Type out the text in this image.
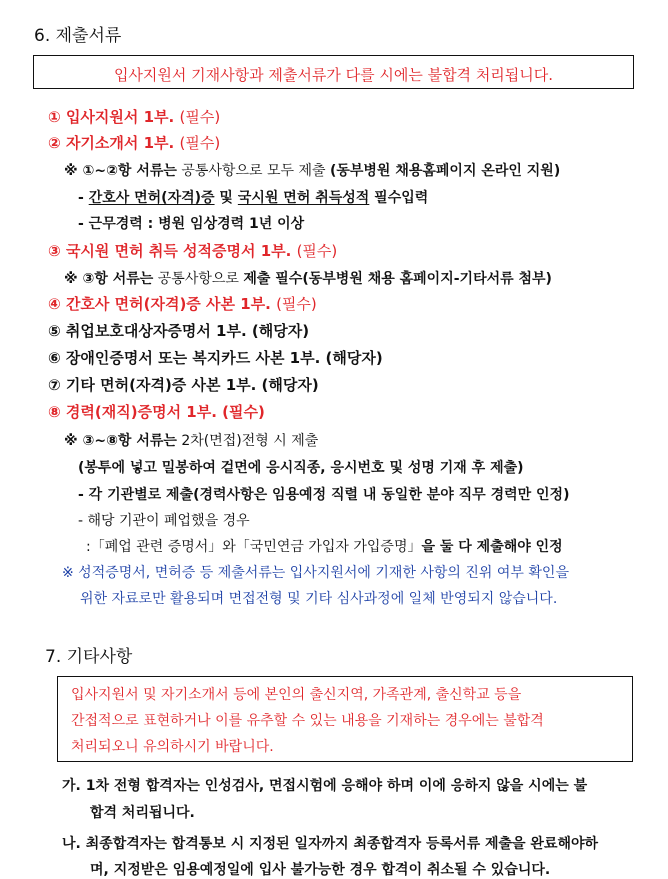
6. 제출서류
입사지원서 기재사항과 제출서류가 다를 시에는 불합격 처리됩니다.
① 입사지원서 1부. (필수)
② 자기소개서 1부. (필수)
※ ①~②항 서류는 공통사항으로 모두 제출 (동부병원 채용홈페이지 온라인 지원)
- 간호사 면허(자격)증 및 국시원 면허 취득성적 필수입력
- 근무경력 : 병원 임상경력 1년 이상
③ 국시원 면허 취득 성적증명서 1부. (필수)
※ ③항 서류는 공통사항으로 제출 필수(동부병원 채용 홈페이지-기타서류 첨부)
④ 간호사 면허(자격)증 사본 1부. (필수)
⑤ 취업보호대상자증명서 1부. (해당자)
⑥ 장애인증명서 또는 복지카드 사본 1부. (해당자)
⑦ 기타 면허(자격)증 사본 1부. (해당자)
⑧ 경력(재직)증명서 1부. (필수)
※ ③~⑧항 서류는 2차(면접)전형 시 제출
(봉투에 넣고 밀봉하여 겉면에 응시직종, 응시번호 및 성명 기재 후 제출)
- 각 기관별로 제출(경력사항은 임용예정 직렬 내 동일한 분야 직무 경력만 인정)
- 해당 기관이 폐업했을 경우
:「폐업 관련 증명서」와「국민연금 가입자 가입증명」을 둘 다 제출해야 인정
※ 성적증명서, 면허증 등 제출서류는 입사지원서에 기재한 사항의 진위 여부 확인을
위한 자료로만 활용되며 면접전형 및 기타 심사과정에 일체 반영되지 않습니다.
7. 기타사항
입사지원서 및 자기소개서 등에 본인의 출신지역, 가족관계, 출신학교 등을
간접적으로 표현하거나 이를 유추할 수 있는 내용을 기재하는 경우에는 불합격
처리되오니 유의하시기 바랍니다.
가. 1차 전형 합격자는 인성검사, 면접시험에 응해야 하며 이에 응하지 않을 시에는 불
합격 처리됩니다.
나. 최종합격자는 합격통보 시 지정된 일자까지 최종합격자 등록서류 제출을 완료해야하
며, 지정받은 임용예정일에 입사 불가능한 경우 합격이 취소될 수 있습니다.
